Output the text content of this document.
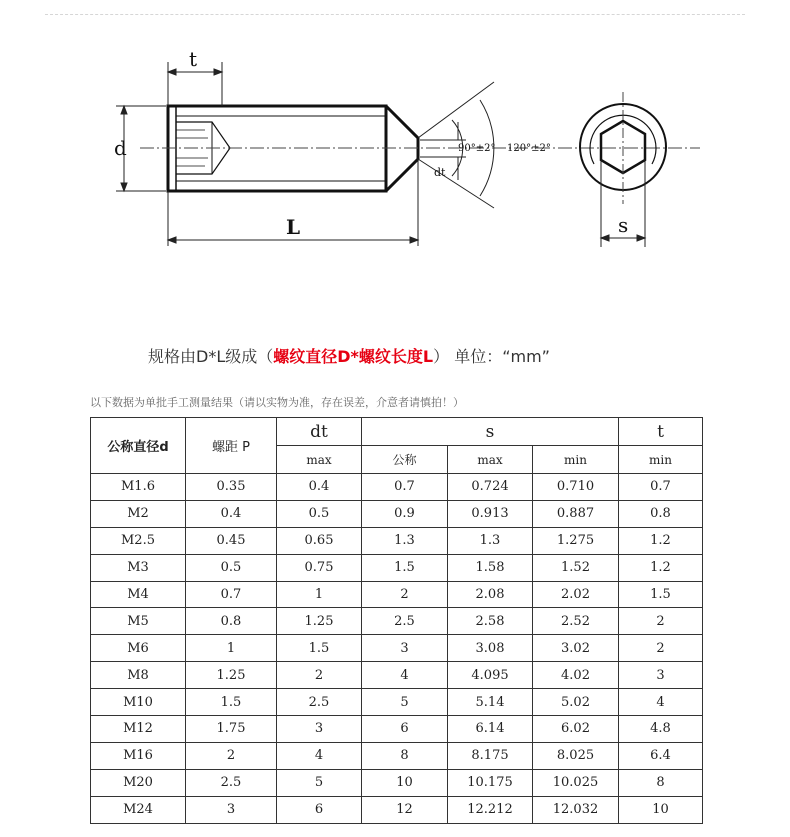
t
d
L
dt
90°±2° 120°±2°
s
规格由D*L级成（螺纹直径D*螺纹长度L） 单位：“mm”
以下数据为单批手工测量结果（请以实物为准，存在误差，介意者请慎拍！）
公称直径d	螺距 P	dt	s			t
		max	公称	max	min	min
M1.6	0.35	0.4	0.7	0.724	0.710	0.7
M2	0.4	0.5	0.9	0.913	0.887	0.8
M2.5	0.45	0.65	1.3	1.3	1.275	1.2
M3	0.5	0.75	1.5	1.58	1.52	1.2
M4	0.7	1	2	2.08	2.02	1.5
M5	0.8	1.25	2.5	2.58	2.52	2
M6	1	1.5	3	3.08	3.02	2
M8	1.25	2	4	4.095	4.02	3
M10	1.5	2.5	5	5.14	5.02	4
M12	1.75	3	6	6.14	6.02	4.8
M16	2	4	8	8.175	8.025	6.4
M20	2.5	5	10	10.175	10.025	8
M24	3	6	12	12.212	12.032	10
